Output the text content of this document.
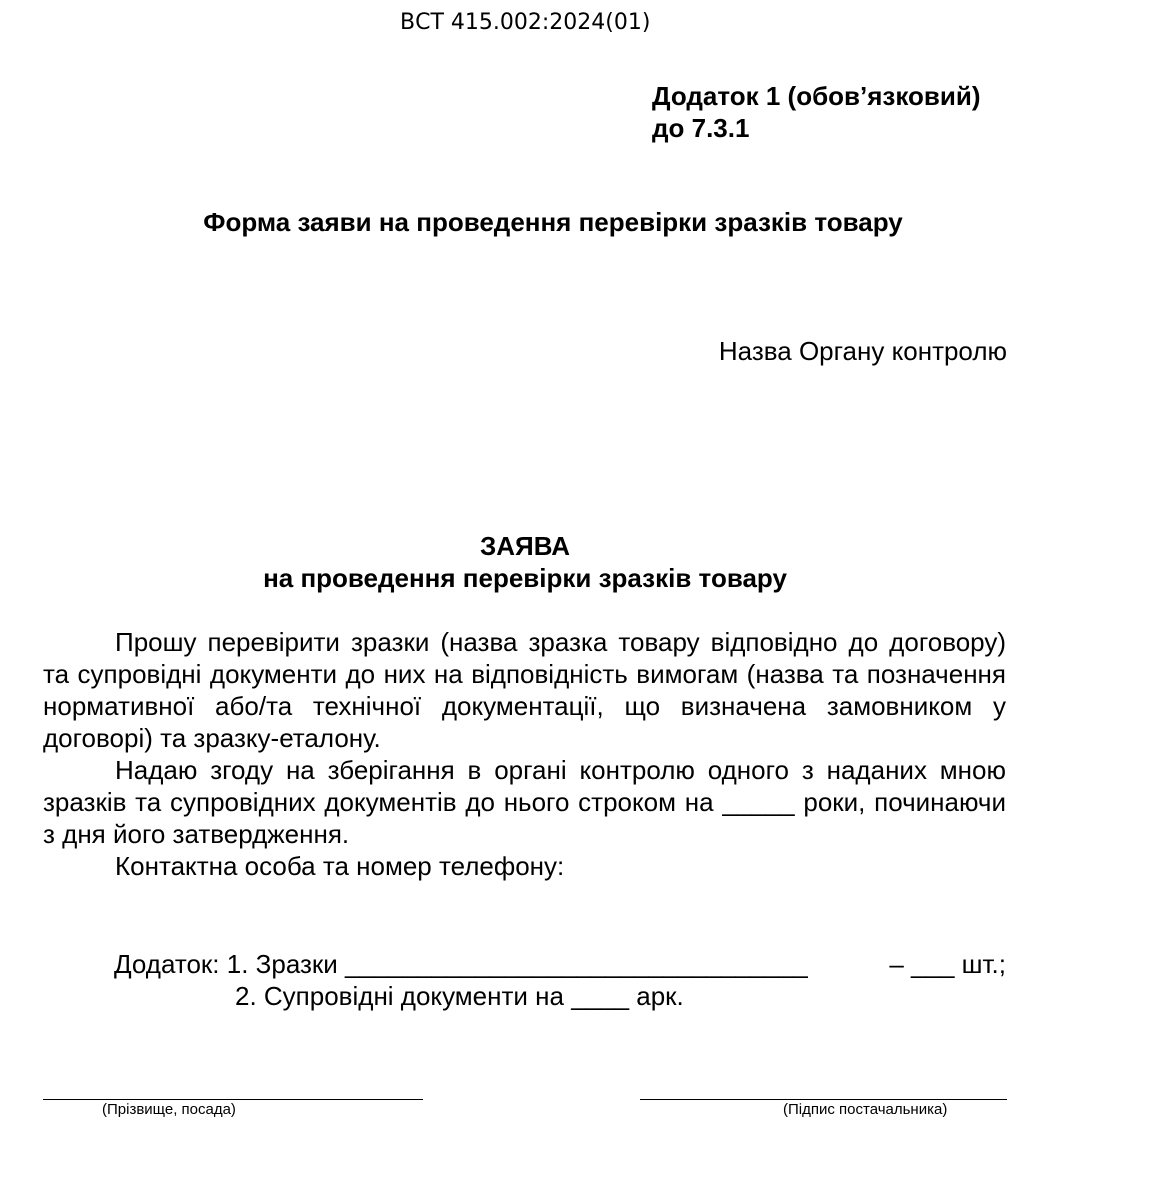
ВСТ 415.002:2024(01)
Додаток 1 (обов’язковий)
до 7.3.1
Форма заяви на проведення перевірки зразків товару
Назва Органу контролю
ЗАЯВА
на проведення перевірки зразків товару

Прошу перевірити зразки (назва зразка товару відповідно до договору) та супровідні документи до них на відповідність вимогам (назва та позначення нормативної або/та технічної документації, що визначена замовником у договорі) та зразку-еталону.

Надаю згоду на зберігання в органі контролю одного з наданих мною зразків та супровідних документів до нього строком на _____ роки, починаючи з дня його затвердження.

Контактна особа та номер телефону:

Додаток: 1. Зразки ________________________________	– ___ шт.;
2. Супровідні документи на ____ арк.
(Прізвище, посада)	(Підпис постачальника)
